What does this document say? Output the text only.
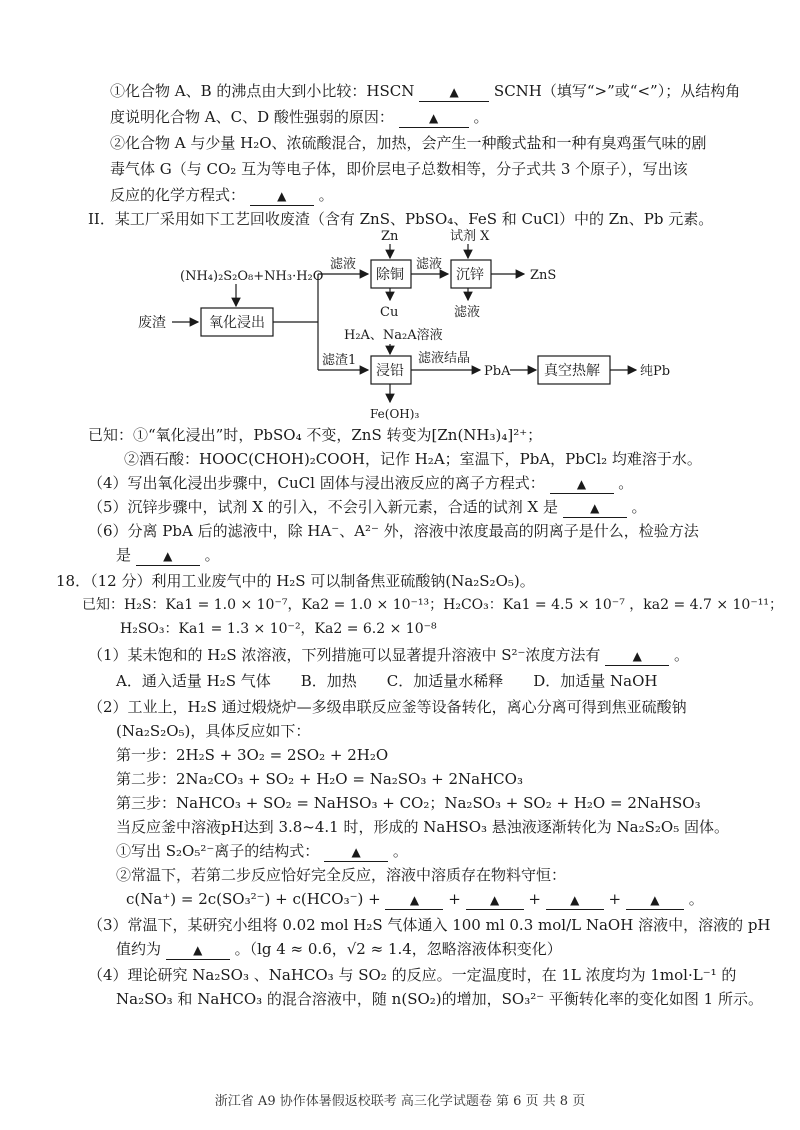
①化合物 A、B 的沸点由大到小比较：HSCN	▲ SCNH（填写“>”或“<”）；从结构角
度说明化合物 A、C、D 酸性强弱的原因：	▲ 。
②化合物 A 与少量 H₂O、浓硫酸混合，加热，会产生一种酸式盐和一种有臭鸡蛋气味的剧
毒气体 G（与 CO₂ 互为等电子体，即价层电子总数相等，分子式共 3 个原子），写出该
反应的化学方程式：	▲ 。
II．某工厂采用如下工艺回收废渣（含有 ZnS、PbSO₄、FeS 和 CuCl）中的 Zn、Pb 元素。
(NH₄)₂S₂O₈+NH₃·H₂O
废渣	氧化浸出
滤液
Zn
除铜
Cu
滤液
试剂 X
沉锌
滤液
ZnS
H₂A、Na₂A溶液
滤渣1
浸铅
滤液结晶
PbA 真空热解	纯Pb
Fe(OH)₃
已知：①“氧化浸出”时，PbSO₄ 不变，ZnS 转变为[Zn(NH₃)₄]²⁺；
②酒石酸：HOOC(CHOH)₂COOH，记作 H₂A；室温下，PbA，PbCl₂ 均难溶于水。
（4）写出氧化浸出步骤中，CuCl 固体与浸出液反应的离子方程式：	▲ 。
（5）沉锌步骤中，试剂 X 的引入，不会引入新元素，合适的试剂 X 是	▲ 。
（6）分离 PbA 后的滤液中，除 HA⁻、A²⁻ 外，溶液中浓度最高的阴离子是什么，检验方法
是	▲ 。
18．（12 分）利用工业废气中的 H₂S 可以制备焦亚硫酸钠(Na₂S₂O₅)。
已知：H₂S：Ka1 = 1.0 × 10⁻⁷，Ka2 = 1.0 × 10⁻¹³；H₂CO₃：Ka1 = 4.5 × 10⁻⁷ ，ka2 = 4.7 × 10⁻¹¹；
H₂SO₃：Ka1 = 1.3 × 10⁻²，Ka2 = 6.2 × 10⁻⁸
（1）某未饱和的 H₂S 浓溶液，下列措施可以显著提升溶液中 S²⁻浓度方法有	▲ 。
A．通入适量 H₂S 气体　　B．加热　　C．加适量水稀释　　D．加适量 NaOH
（2）工业上，H₂S 通过煅烧炉—多级串联反应釜等设备转化，离心分离可得到焦亚硫酸钠
(Na₂S₂O₅)，具体反应如下：
第一步：2H₂S + 3O₂ = 2SO₂ + 2H₂O
第二步：2Na₂CO₃ + SO₂ + H₂O = Na₂SO₃ + 2NaHCO₃
第三步：NaHCO₃ + SO₂ = NaHSO₃ + CO₂；Na₂SO₃ + SO₂ + H₂O = 2NaHSO₃
当反应釜中溶液pH达到 3.8~4.1 时，形成的 NaHSO₃ 悬浊液逐渐转化为 Na₂S₂O₅ 固体。
①写出 S₂O₅²⁻离子的结构式：	▲ 。
②常温下，若第二步反应恰好完全反应，溶液中溶质存在物料守恒：
c(Na⁺) = 2c(SO₃²⁻) + c(HCO₃⁻) + ▲ + ▲ + ▲ + ▲ 。
（3）常温下，某研究小组将 0.02 mol H₂S 气体通入 100 ml 0.3 mol/L NaOH 溶液中，溶液的 pH
值约为	▲ 。（lg 4 ≈ 0.6，√2 ≈ 1.4，忽略溶液体积变化）
（4）理论研究 Na₂SO₃ 、NaHCO₃ 与 SO₂ 的反应。一定温度时，在 1L 浓度均为 1mol·L⁻¹ 的
Na₂SO₃ 和 NaHCO₃ 的混合溶液中，随 n(SO₂)的增加，SO₃²⁻ 平衡转化率的变化如图 1 所示。
浙江省 A9 协作体暑假返校联考 高三化学试题卷 第 6 页 共 8 页
